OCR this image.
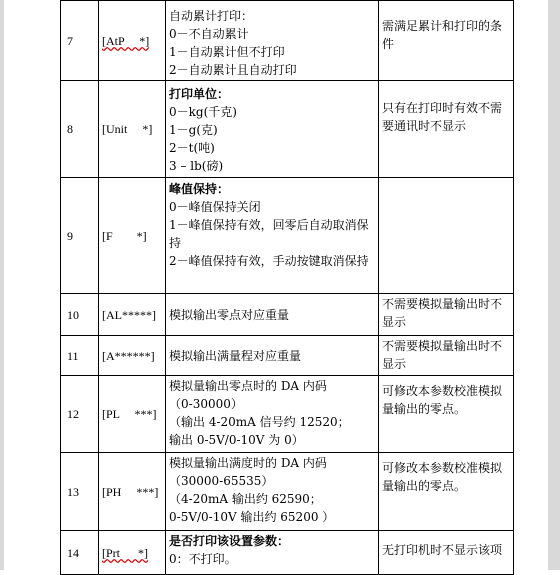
7	[AtP     *]	自动累计打印：
0－不自动累计
1－自动累计但不打印
2－自动累计且自动打印	需满足累计和打印的条件

8	[Unit     *]	打印单位：
0－kg(千克)
1－g(克)
2－t(吨)
3 – lb(磅)	只有在打印时有效不需要通讯时不显示

9	[F        *]	峰值保持：
0－峰值保持关闭
1－峰值保持有效，回零后自动取消保持
2－峰值保持有效，手动按键取消保持	

10	[AL*****]	模拟输出零点对应重量	不需要模拟量输出时不显示

11	[A******]	模拟输出满量程对应重量	不需要模拟量输出时不显示

12	[PL     ***]	模拟量输出零点时的 DA 内码
（0-30000）
（输出 4-20mA 信号约 12520；
输出 0-5V/0-10V 为 0）	可修改本参数校准模拟量输出的零点。

13	[PH     ***]	模拟量输出满度时的 DA 内码
（30000-65535）
（4-20mA 输出约 62590；
0-5V/0-10V 输出约 65200 ）	可修改本参数校准模拟量输出的零点。

14	[Prt      *]	是否打印该设置参数：
0：不打印。	无打印机时不显示该项
